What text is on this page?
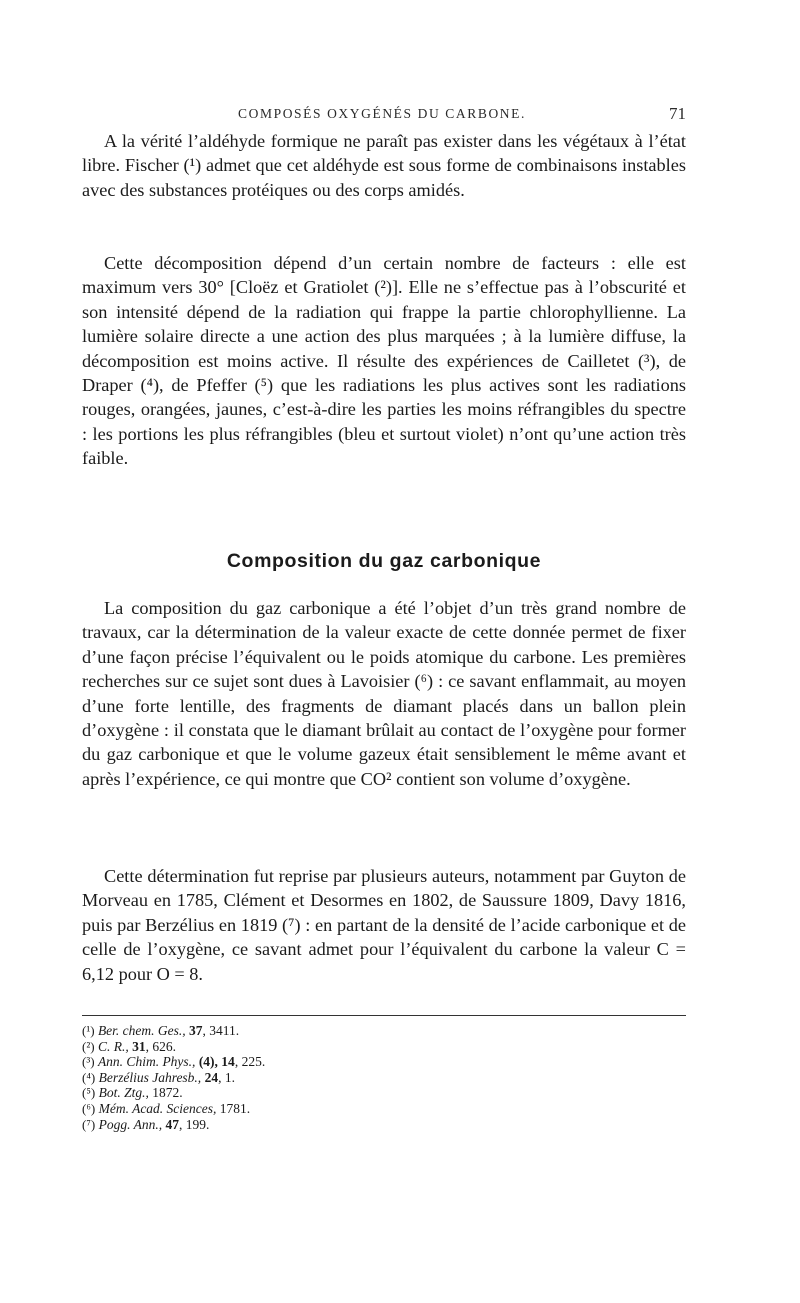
COMPOSÉS OXYGÉNÉS DU CARBONE.	71

A la vérité l’aldéhyde formique ne paraît pas exister dans les végétaux à l’état libre. Fischer (¹) admet que cet aldéhyde est sous forme de combinaisons instables avec des substances protéiques ou des corps amidés.

Cette décomposition dépend d’un certain nombre de facteurs : elle est maximum vers 30° [Cloëz et Gratiolet (²)]. Elle ne s’effectue pas à l’obscurité et son intensité dépend de la radiation qui frappe la partie chlorophyllienne. La lumière solaire directe a une action des plus marquées ; à la lumière diffuse, la décomposition est moins active. Il résulte des expériences de Cailletet (³), de Draper (⁴), de Pfeffer (⁵) que les radiations les plus actives sont les radiations rouges, orangées, jaunes, c’est-à-dire les parties les moins réfrangibles du spectre : les portions les plus réfrangibles (bleu et surtout violet) n’ont qu’une action très faible.

Composition du gaz carbonique

La composition du gaz carbonique a été l’objet d’un très grand nombre de travaux, car la détermination de la valeur exacte de cette donnée permet de fixer d’une façon précise l’équivalent ou le poids atomique du carbone. Les premières recherches sur ce sujet sont dues à Lavoisier (⁶) : ce savant enflammait, au moyen d’une forte lentille, des fragments de diamant placés dans un ballon plein d’oxygène : il constata que le diamant brûlait au contact de l’oxygène pour former du gaz carbonique et que le volume gazeux était sensiblement le même avant et après l’expérience, ce qui montre que CO² contient son volume d’oxygène.

Cette détermination fut reprise par plusieurs auteurs, notamment par Guyton de Morveau en 1785, Clément et Desormes en 1802, de Saussure 1809, Davy 1816, puis par Berzélius en 1819 (⁷) : en partant de la densité de l’acide carbonique et de celle de l’oxygène, ce savant admet pour l’équivalent du carbone la valeur C = 6,12 pour O = 8.

(¹) Ber. chem. Ges., 37, 3411.
(²) C. R., 31, 626.
(³) Ann. Chim. Phys., (4), 14, 225.
(⁴) Berzélius Jahresb., 24, 1.
(⁵) Bot. Ztg., 1872.
(⁶) Mém. Acad. Sciences, 1781.
(⁷) Pogg. Ann., 47, 199.
